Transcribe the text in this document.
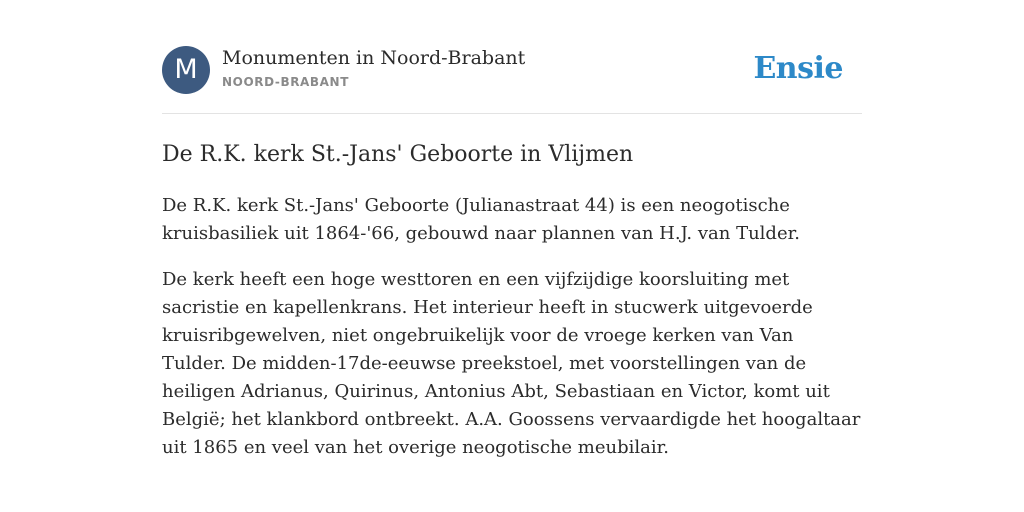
M	Monumenten in Noord-Brabant
NOORD-BRABANT	Ensie
De R.K. kerk St.-Jans' Geboorte in Vlijmen

De R.K. kerk St.-Jans' Geboorte (Julianastraat 44) is een neogotische kruisbasiliek uit 1864-'66, gebouwd naar plannen van H.J. van Tulder.

De kerk heeft een hoge westtoren en een vijfzijdige koorsluiting met sacristie en kapellenkrans. Het interieur heeft in stucwerk uitgevoerde kruisribgewelven, niet ongebruikelijk voor de vroege kerken van Van Tulder. De midden-17de-eeuwse preekstoel, met voorstellingen van de heiligen Adrianus, Quirinus, Antonius Abt, Sebastiaan en Victor, komt uit België; het klankbord ontbreekt. A.A. Goossens vervaardigde het hoogaltaar uit 1865 en veel van het overige neogotische meubilair.
